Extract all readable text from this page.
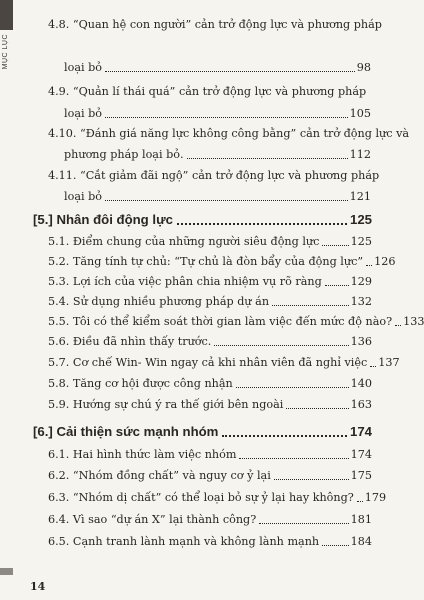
MỤC LỤC
4.8. “Quan hệ con người” cản trở động lực và phương pháp
loại bỏ	98
4.9. “Quản lí thái quá” cản trở động lực và phương pháp
loại bỏ	105
4.10. “Đánh giá năng lực không công bằng” cản trở động lực và
phương pháp loại bỏ.	112
4.11. “Cắt giảm đãi ngộ” cản trở động lực và phương pháp
loại bỏ	121
[5.] Nhân đôi động lực	125
5.1. Điểm chung của những người siêu động lực	125
5.2. Tăng tính tự chủ: “Tự chủ là đòn bẩy của động lực” 126
5.3. Lợi ích của việc phân chia nhiệm vụ rõ ràng	129
5.4. Sử dụng nhiều phương pháp dự án	132
5.5. Tôi có thể kiểm soát thời gian làm việc đến mức độ nào? 133
5.6. Điều đã nhìn thấy trước.	136
5.7. Cơ chế Win- Win ngay cả khi nhân viên đã nghỉ việc 137
5.8. Tăng cơ hội được công nhận	140
5.9. Hướng sự chú ý ra thế giới bên ngoài	163
[6.] Cải thiện sức mạnh nhóm	174
6.1. Hai hình thức làm việc nhóm	174
6.2. “Nhóm đồng chất” và nguy cơ ỷ lại	175
6.3. “Nhóm dị chất” có thể loại bỏ sự ỷ lại hay không? 179
6.4. Vì sao “dự án X” lại thành công?	181
6.5. Cạnh tranh lành mạnh và không lành mạnh	184
14
